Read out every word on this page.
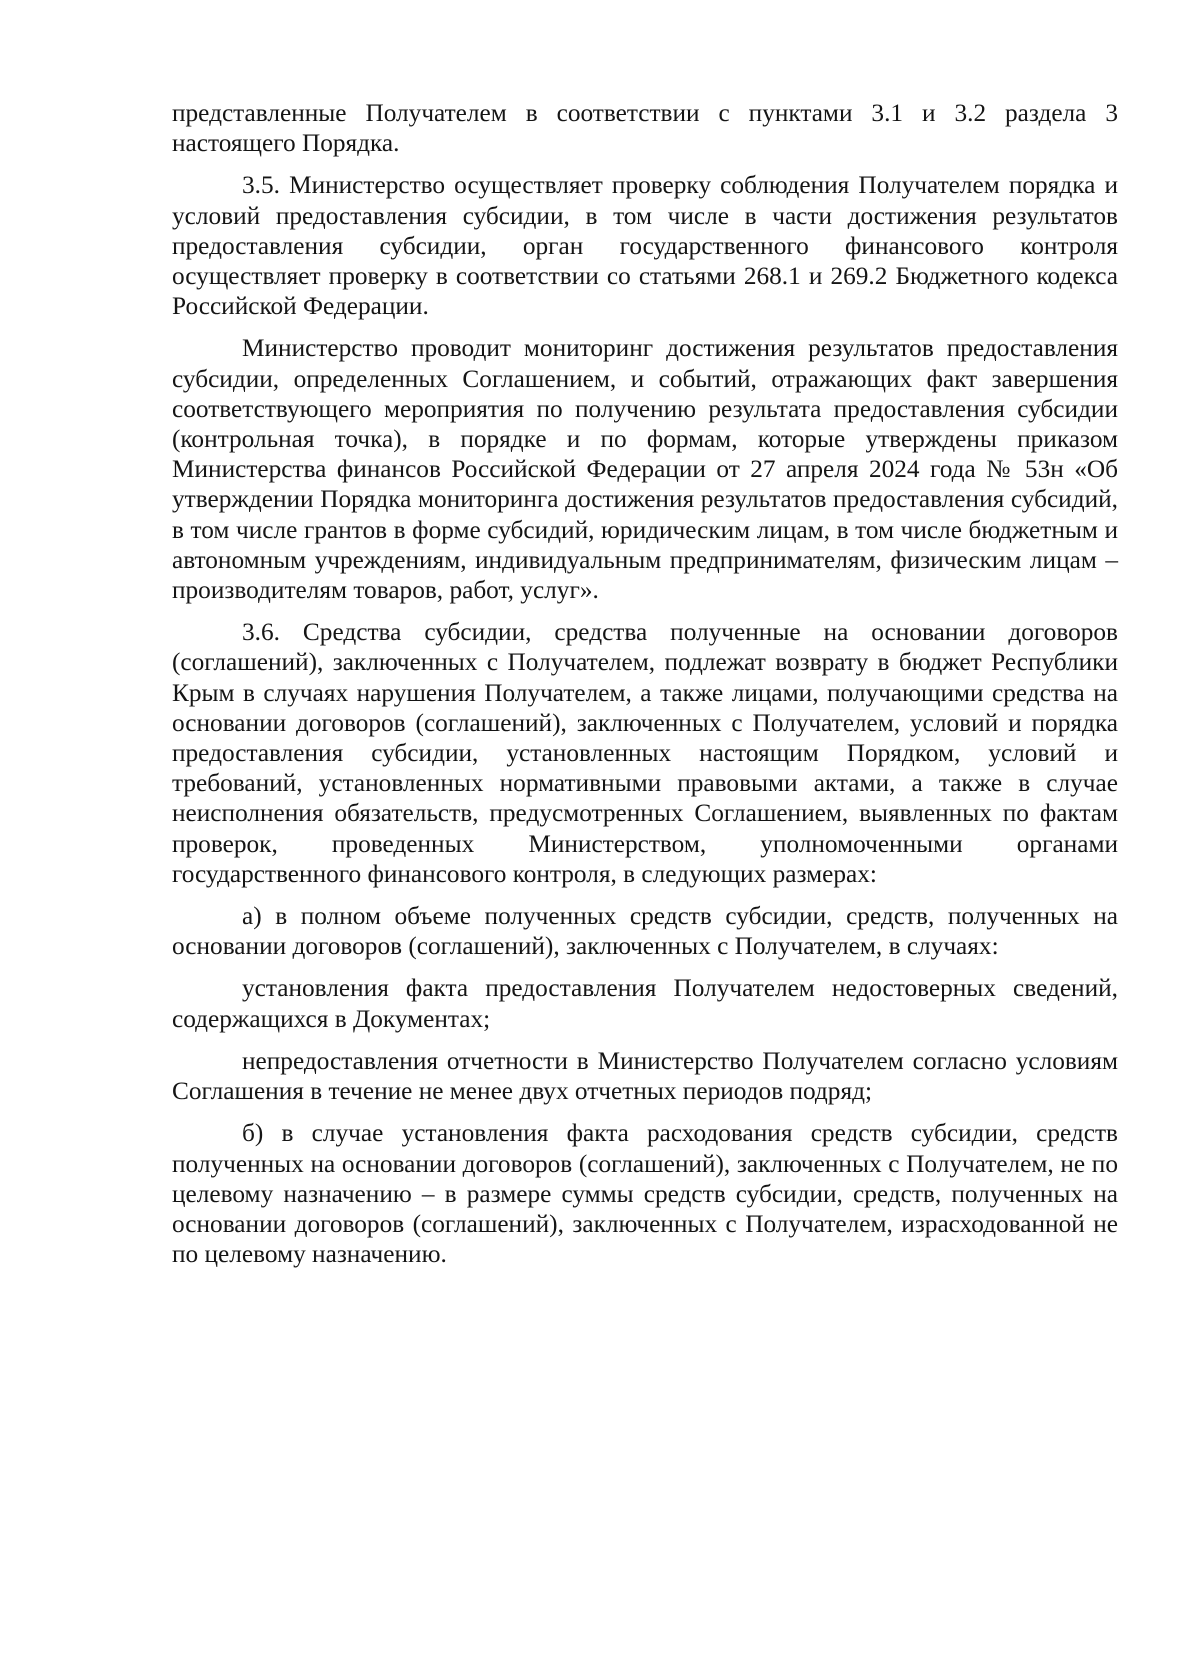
представленные Получателем в соответствии с пунктами 3.1 и 3.2 раздела 3 настоящего Порядка.

3.5. Министерство осуществляет проверку соблюдения Получателем порядка и условий предоставления субсидии, в том числе в части достижения результатов предоставления субсидии, орган государственного финансового контроля осуществляет проверку в соответствии со статьями 268.1 и 269.2 Бюджетного кодекса Российской Федерации.

Министерство проводит мониторинг достижения результатов предоставления субсидии, определенных Соглашением, и событий, отражающих факт завершения соответствующего мероприятия по получению результата предоставления субсидии (контрольная точка), в порядке и по формам, которые утверждены приказом Министерства финансов Российской Федерации от 27 апреля 2024 года № 53н «Об утверждении Порядка мониторинга достижения результатов предоставления субсидий, в том числе грантов в форме субсидий, юридическим лицам, в том числе бюджетным и автономным учреждениям, индивидуальным предпринимателям, физическим лицам – производителям товаров, работ, услуг».

3.6. Средства субсидии, средства полученные на основании договоров (соглашений), заключенных с Получателем, подлежат возврату в бюджет Республики Крым в случаях нарушения Получателем, а также лицами, получающими средства на основании договоров (соглашений), заключенных с Получателем, условий и порядка предоставления субсидии, установленных настоящим Порядком, условий и требований, установленных нормативными правовыми актами, а также в случае неисполнения обязательств, предусмотренных Соглашением, выявленных по фактам проверок, проведенных Министерством, уполномоченными органами государственного финансового контроля, в следующих размерах:

а) в полном объеме полученных средств субсидии, средств, полученных на основании договоров (соглашений), заключенных с Получателем, в случаях:

установления факта предоставления Получателем недостоверных сведений, содержащихся в Документах;

непредоставления отчетности в Министерство Получателем согласно условиям Соглашения в течение не менее двух отчетных периодов подряд;

б) в случае установления факта расходования средств субсидии, средств полученных на основании договоров (соглашений), заключенных с Получателем, не по целевому назначению – в размере суммы средств субсидии, средств, полученных на основании договоров (соглашений), заключенных с Получателем, израсходованной не по целевому назначению.
